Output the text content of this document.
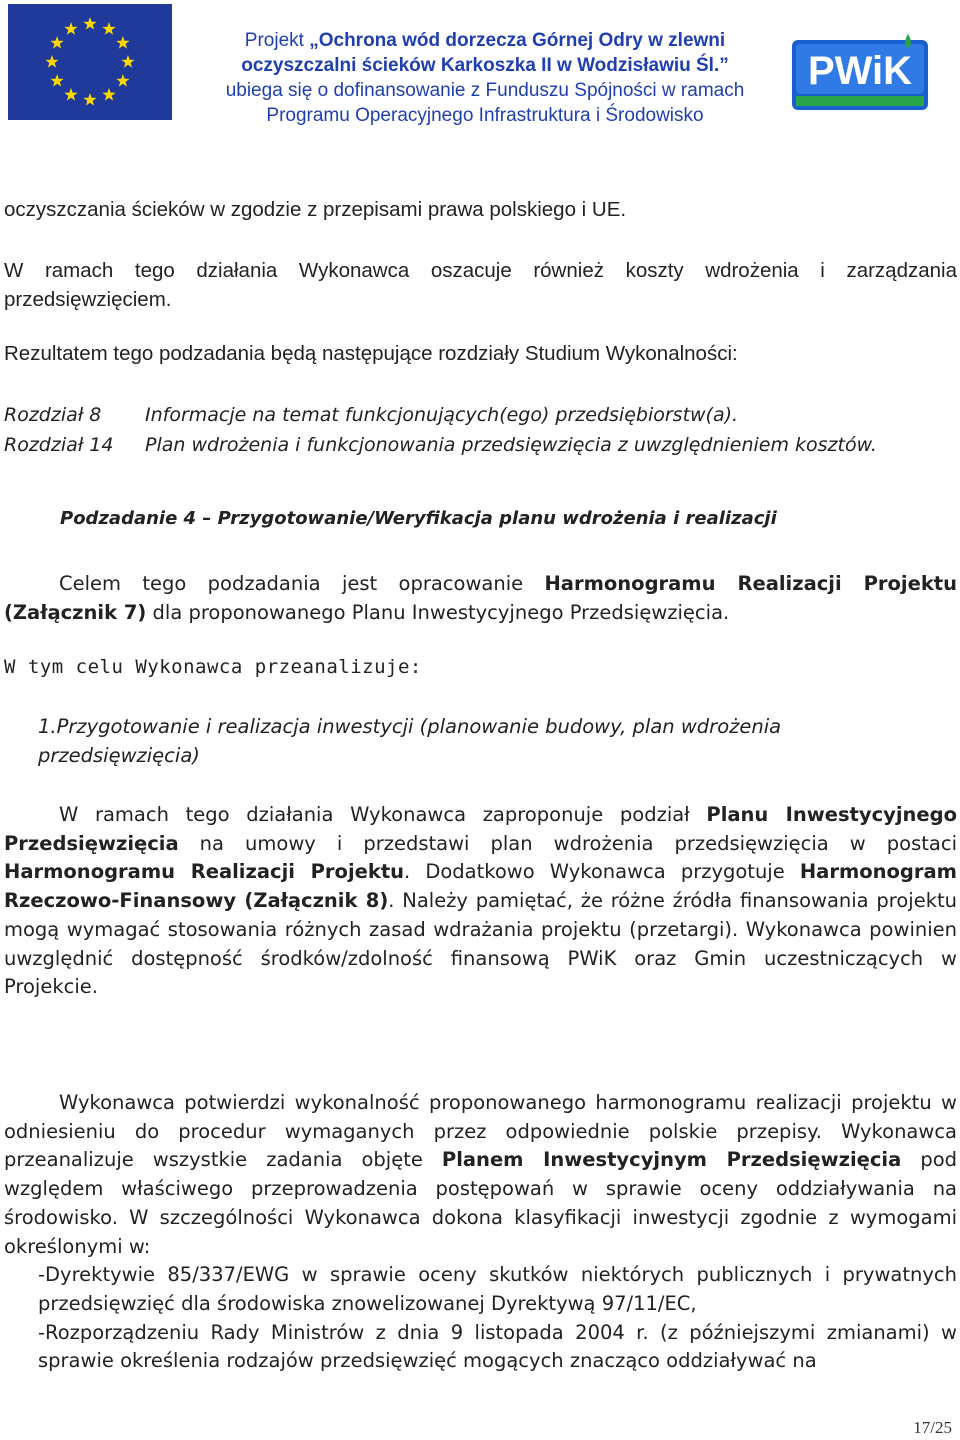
Projekt „Ochrona wód dorzecza Górnej Odry w zlewni
oczyszczalni ścieków Karkoszka II w Wodzisławiu Śl.”
ubiega się o dofinansowanie z Funduszu Spójności w ramach
Programu Operacyjnego Infrastruktura i Środowisko
PWiK
oczyszczania ścieków w zgodzie z przepisami prawa polskiego i UE.
W ramach tego działania Wykonawca oszacuje również koszty wdrożenia i zarządzania przedsięwzięciem.
Rezultatem tego podzadania będą następujące rozdziały Studium Wykonalności:
Rozdział 8 Informacje na temat funkcjonujących(ego) przedsiębiorstw(a).
Rozdział 14 Plan wdrożenia i funkcjonowania przedsięwzięcia z uwzględnieniem kosztów.
Podzadanie 4 – Przygotowanie/Weryfikacja planu wdrożenia i realizacji
Celem tego podzadania jest opracowanie Harmonogramu Realizacji Projektu (Załącznik 7) dla proponowanego Planu Inwestycyjnego Przedsięwzięcia.
W tym celu Wykonawca przeanalizuje:
1.Przygotowanie i realizacja inwestycji (planowanie budowy, plan wdrożenia przedsięwzięcia)
W ramach tego działania Wykonawca zaproponuje podział Planu Inwestycyjnego Przedsięwzięcia na umowy i przedstawi plan wdrożenia przedsięwzięcia w postaci Harmonogramu Realizacji Projektu. Dodatkowo Wykonawca przygotuje Harmonogram Rzeczowo-Finansowy (Załącznik 8). Należy pamiętać, że różne źródła finansowania projektu mogą wymagać stosowania różnych zasad wdrażania projektu (przetargi). Wykonawca powinien uwzględnić dostępność środków/zdolność finansową PWiK oraz Gmin uczestniczących w Projekcie.
Wykonawca potwierdzi wykonalność proponowanego harmonogramu realizacji projektu w odniesieniu do procedur wymaganych przez odpowiednie polskie przepisy. Wykonawca przeanalizuje wszystkie zadania objęte Planem Inwestycyjnym Przedsięwzięcia pod względem właściwego przeprowadzenia postępowań w sprawie oceny oddziaływania na środowisko. W szczególności Wykonawca dokona klasyfikacji inwestycji zgodnie z wymogami określonymi w:
-Dyrektywie 85/337/EWG w sprawie oceny skutków niektórych publicznych i prywatnych przedsięwzięć dla środowiska znowelizowanej Dyrektywą 97/11/EC,
-Rozporządzeniu Rady Ministrów z dnia 9 listopada 2004 r. (z późniejszymi zmianami) w sprawie określenia rodzajów przedsięwzięć mogących znacząco oddziaływać na
17/25
